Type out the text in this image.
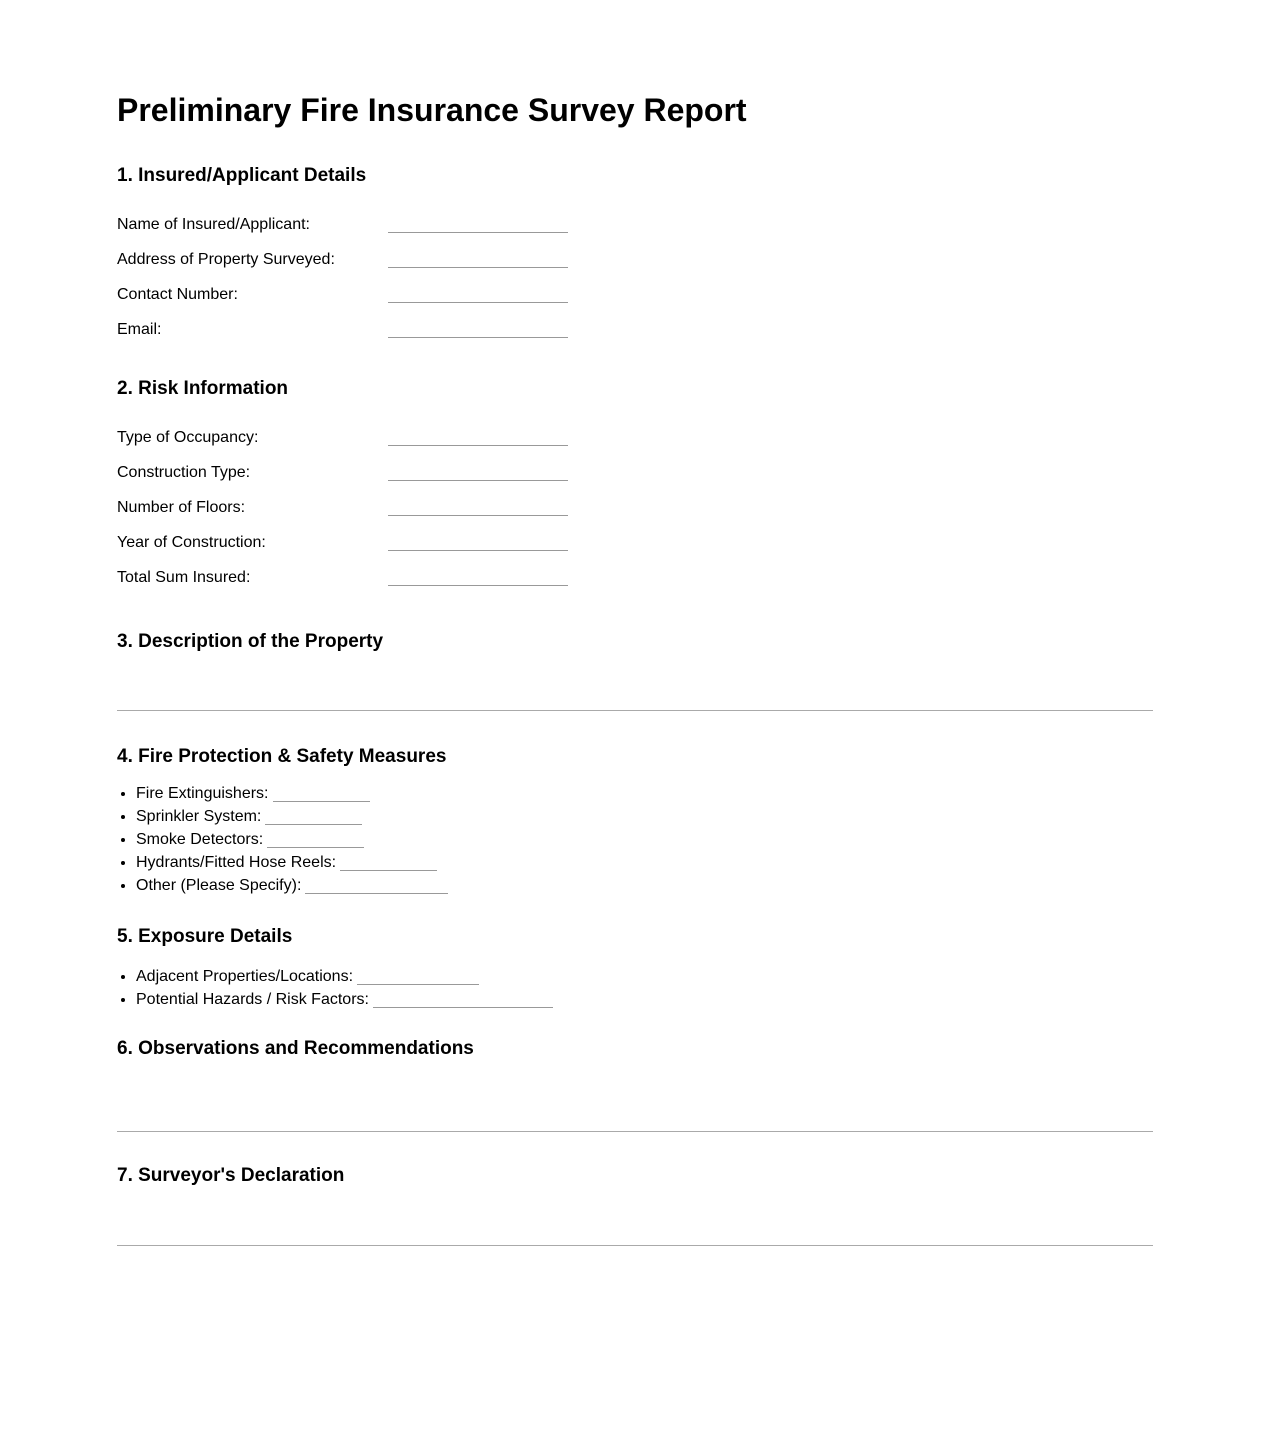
Preliminary Fire Insurance Survey Report
1. Insured/Applicant Details

Name of Insured/Applicant:

Address of Property Surveyed:

Contact Number:

Email:

2. Risk Information

Type of Occupancy:

Construction Type:

Number of Floors:

Year of Construction:

Total Sum Insured:

3. Description of the Property
4. Fire Protection & Safety Measures
• Fire Extinguishers:
• Sprinkler System:
• Smoke Detectors:
• Hydrants/Fitted Hose Reels:
• Other (Please Specify):
5. Exposure Details
• Adjacent Properties/Locations:
• Potential Hazards / Risk Factors:
6. Observations and Recommendations
7. Surveyor's Declaration
